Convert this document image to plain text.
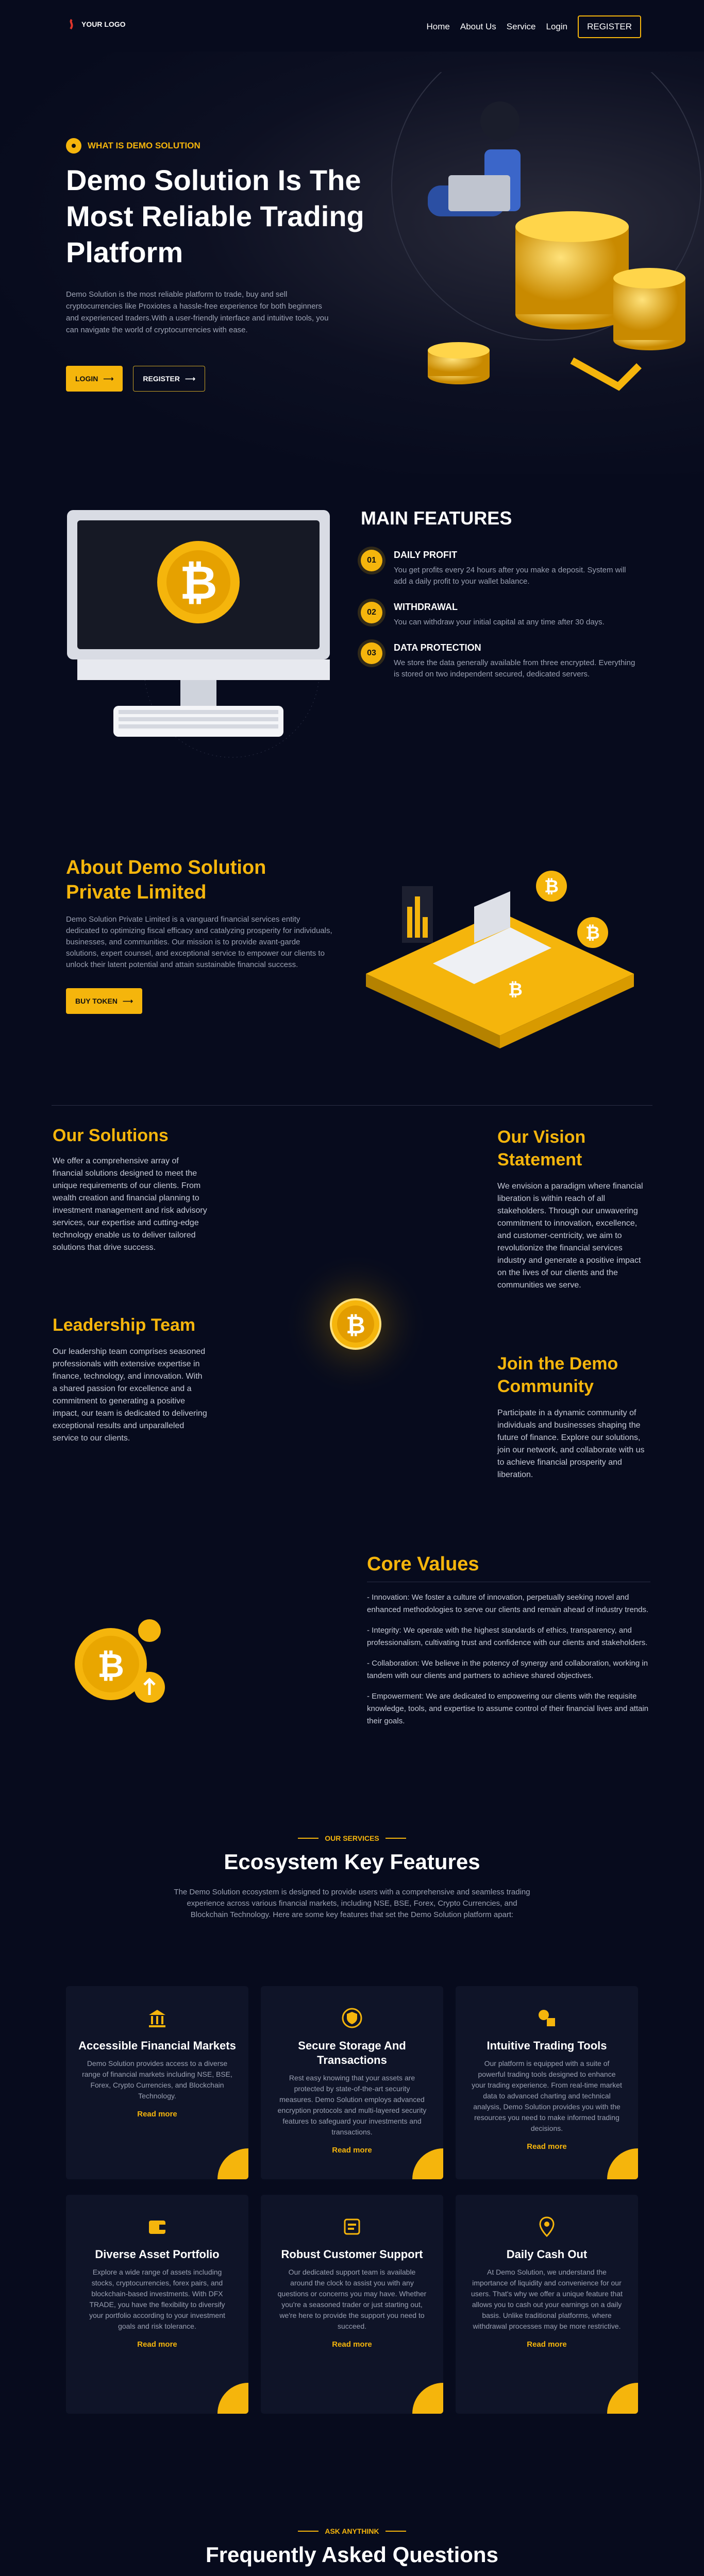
YOUR LOGO	Home About Us Service Login	REGISTER
WHAT IS DEMO SOLUTION
Demo Solution Is The Most Reliable Trading Platform

Demo Solution is the most reliable platform to trade, buy and sell cryptocurrencies like Proxiotes a hassle-free experience for both beginners and experienced traders.With a user-friendly interface and intuitive tools, you can navigate the world of cryptocurrencies with ease.

LOGIN ⟶	REGISTER ⟶
₿
MAIN FEATURES
01
DAILY PROFIT

You get profits every 24 hours after you make a deposit. System will add a daily profit to your wallet balance.

02
WITHDRAWAL

You can withdraw your initial capital at any time after 30 days.

03
DATA PROTECTION

We store the data generally available from three encrypted. Everything is stored on two independent secured, dedicated servers.

About Demo Solution Private Limited

Demo Solution Private Limited is a vanguard financial services entity dedicated to optimizing fiscal efficacy and catalyzing prosperity for individuals, businesses, and communities. Our mission is to provide avant-garde solutions, expert counsel, and exceptional service to empower our clients to unlock their latent potential and attain sustainable financial success.

BUY TOKEN ⟶
₿
₿
₿
Our Solutions

We offer a comprehensive array of financial solutions designed to meet the unique requirements of our clients. From wealth creation and financial planning to investment management and risk advisory services, our expertise and cutting-edge technology enable us to deliver tailored solutions that drive success.

Leadership Team

Our leadership team comprises seasoned professionals with extensive expertise in finance, technology, and innovation. With a shared passion for excellence and a commitment to generating a positive impact, our team is dedicated to delivering exceptional results and unparalleled service to our clients.

₿
Our Vision Statement

We envision a paradigm where financial liberation is within reach of all stakeholders. Through our unwavering commitment to innovation, excellence, and customer-centricity, we aim to revolutionize the financial services industry and generate a positive impact on the lives of our clients and the communities we serve.

Join the Demo Community

Participate in a dynamic community of individuals and businesses shaping the future of finance. Explore our solutions, join our network, and collaborate with us to achieve financial prosperity and liberation.

₿
Core Values

- Innovation: We foster a culture of innovation, perpetually seeking novel and enhanced methodologies to serve our clients and remain ahead of industry trends.

- Integrity: We operate with the highest standards of ethics, transparency, and professionalism, cultivating trust and confidence with our clients and stakeholders.

- Collaboration: We believe in the potency of synergy and collaboration, working in tandem with our clients and partners to achieve shared objectives.

- Empowerment: We are dedicated to empowering our clients with the requisite knowledge, tools, and expertise to assume control of their financial lives and attain their goals.

OUR SERVICES
Ecosystem Key Features

The Demo Solution ecosystem is designed to provide users with a comprehensive and seamless trading experience across various financial markets, including NSE, BSE, Forex, Crypto Currencies, and Blockchain Technology. Here are some key features that set the Demo Solution platform apart:

Accessible Financial Markets

Demo Solution provides access to a diverse range of financial markets including NSE, BSE, Forex, Crypto Currencies, and Blockchain Technology.

Read more
Secure Storage And Transactions

Rest easy knowing that your assets are protected by state-of-the-art security measures. Demo Solution employs advanced encryption protocols and multi-layered security features to safeguard your investments and transactions.

Read more
Intuitive Trading Tools

Our platform is equipped with a suite of powerful trading tools designed to enhance your trading experience. From real-time market data to advanced charting and technical analysis, Demo Solution provides you with the resources you need to make informed trading decisions.

Read more
Diverse Asset Portfolio

Explore a wide range of assets including stocks, cryptocurrencies, forex pairs, and blockchain-based investments. With DFX TRADE, you have the flexibility to diversify your portfolio according to your investment goals and risk tolerance.

Read more
Robust Customer Support

Our dedicated support team is available around the clock to assist you with any questions or concerns you may have. Whether you're a seasoned trader or just starting out, we're here to provide the support you need to succeed.

Read more
Daily Cash Out

At Demo Solution, we understand the importance of liquidity and convenience for our users. That's why we offer a unique feature that allows you to cash out your earnings on a daily basis. Unlike traditional platforms, where withdrawal processes may be more restrictive.

Read more
ASK ANYTHINK
Frequently Asked Questions
